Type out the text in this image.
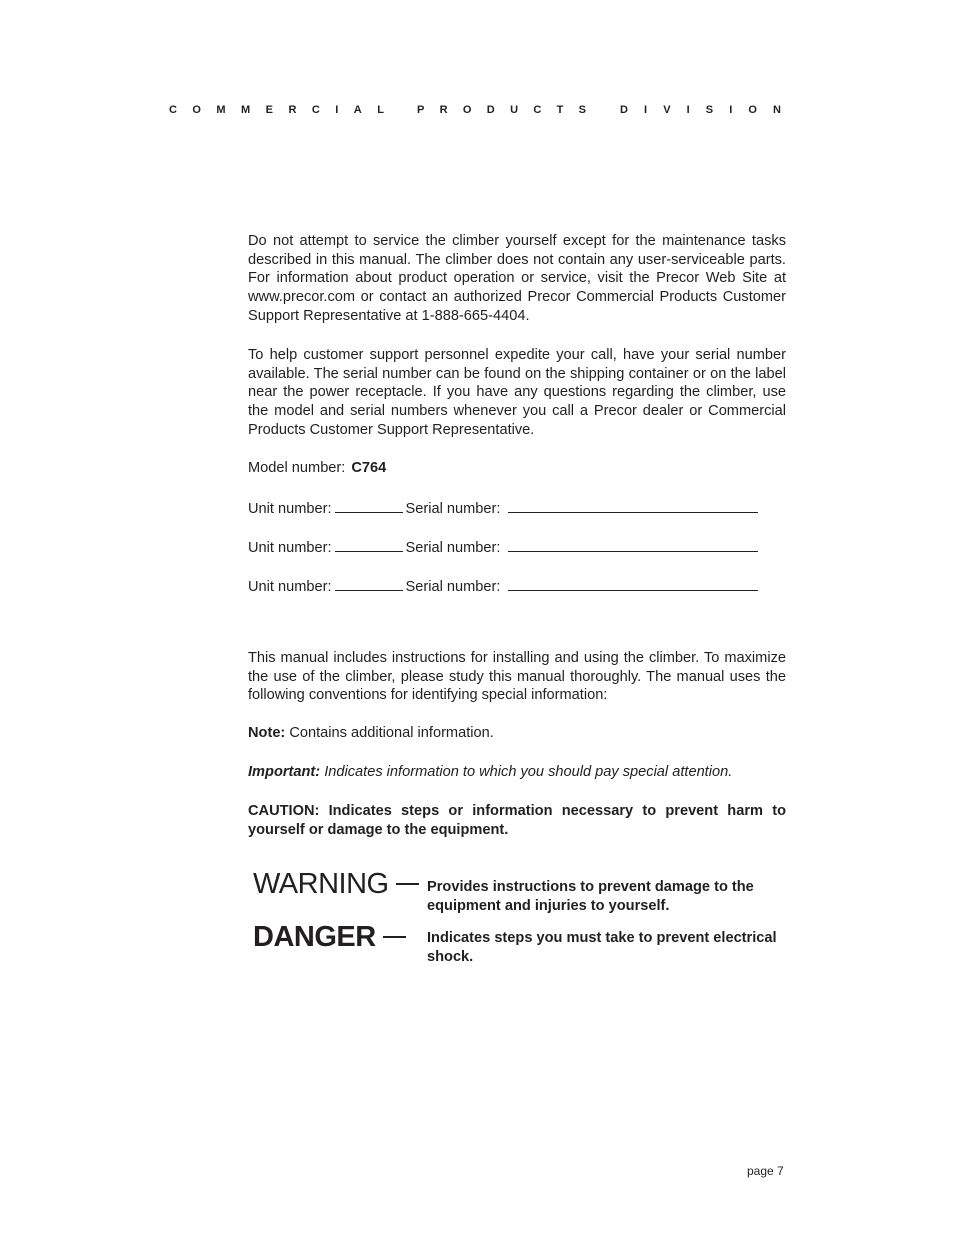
C O M M E R C I A L	P R O D U C T S	D I V I S I O N

Do not attempt to service the climber yourself except for the maintenance tasks described in this manual. The climber does not contain any user-serviceable parts. For information about product operation or service, visit the Precor Web Site at www.precor.com or contact an authorized Precor Commercial Products Customer Support Representative at 1-888-665-4404.

To help customer support personnel expedite your call, have your serial number available. The serial number can be found on the shipping container or on the label near the power receptacle. If you have any questions regarding the climber, use the model and serial numbers whenever you call a Precor dealer or Commercial Products Customer Support Representative.

Model number: C764

Unit number:	Serial number:
Unit number:	Serial number:
Unit number:	Serial number:

This manual includes instructions for installing and using the climber. To maximize the use of the climber, please study this manual thoroughly. The manual uses the following conventions for identifying special information:

Note: Contains additional information.

Important: Indicates information to which you should pay special attention.

CAUTION: Indicates steps or information necessary to prevent harm to yourself or damage to the equipment.

WARNING	Provides instructions to prevent damage to the equipment and injuries to yourself.
DANGER	Indicates steps you must take to prevent electrical shock.
page 7
